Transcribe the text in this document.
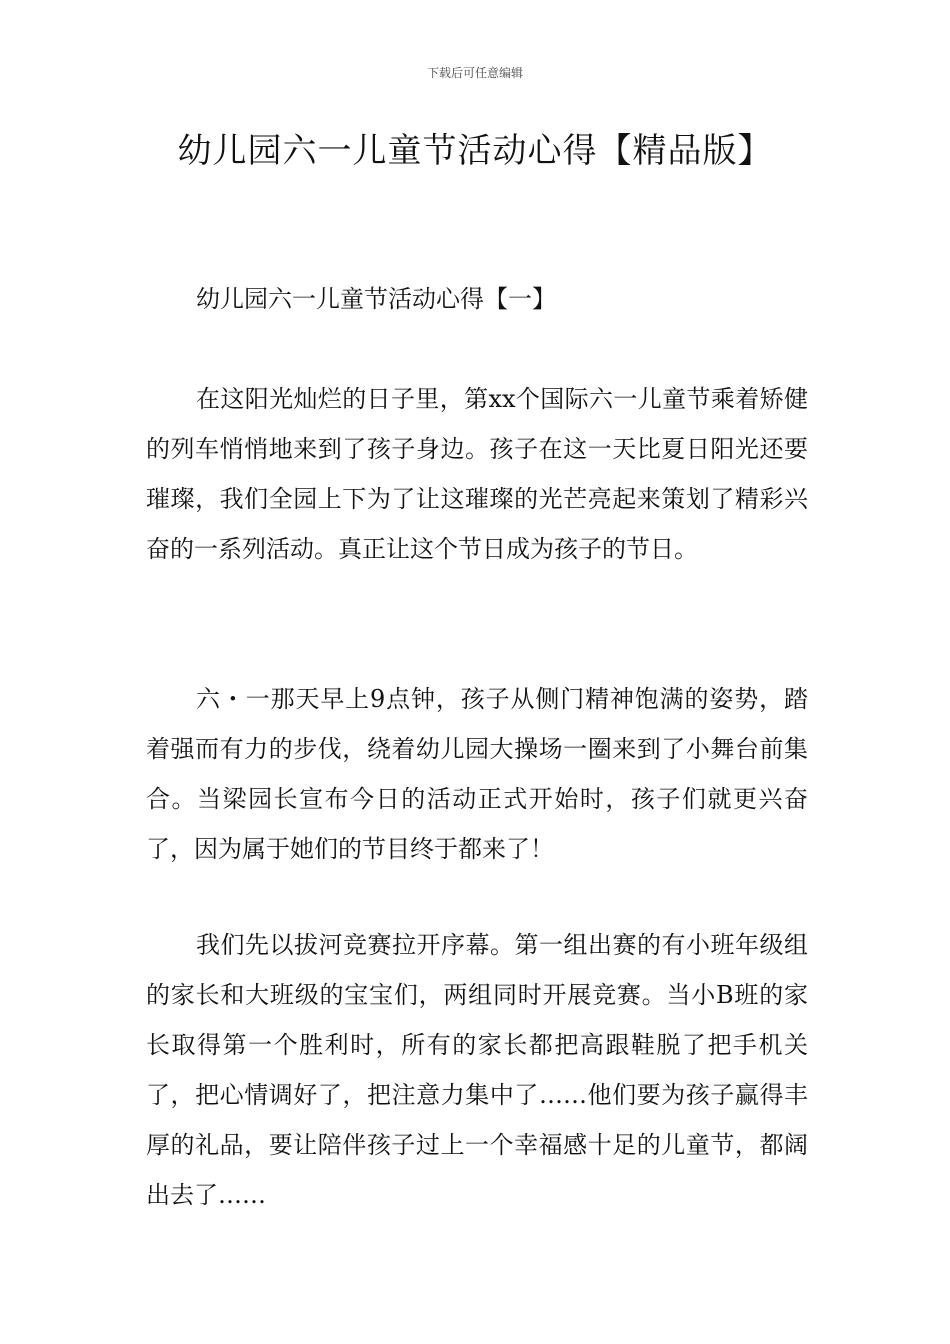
下载后可任意编辑
幼儿园六一儿童节活动心得【精品版】
幼儿园六一儿童节活动心得【一】

在这阳光灿烂的日子里，第xx个国际六一儿童节乘着矫健的列车悄悄地来到了孩子身边。孩子在这一天比夏日阳光还要璀璨，我们全园上下为了让这璀璨的光芒亮起来策划了精彩兴奋的一系列活动。真正让这个节日成为孩子的节日。

六・一那天早上9点钟，孩子从侧门精神饱满的姿势，踏着强而有力的步伐，绕着幼儿园大操场一圈来到了小舞台前集合。当梁园长宣布今日的活动正式开始时，孩子们就更兴奋了，因为属于她们的节目终于都来了！

我们先以拔河竞赛拉开序幕。第一组出赛的有小班年级组的家长和大班级的宝宝们，两组同时开展竞赛。当小B班的家长取得第一个胜利时，所有的家长都把高跟鞋脱了把手机关了，把心情调好了，把注意力集中了……他们要为孩子赢得丰厚的礼品，要让陪伴孩子过上一个幸福感十足的儿童节，都阔出去了……
